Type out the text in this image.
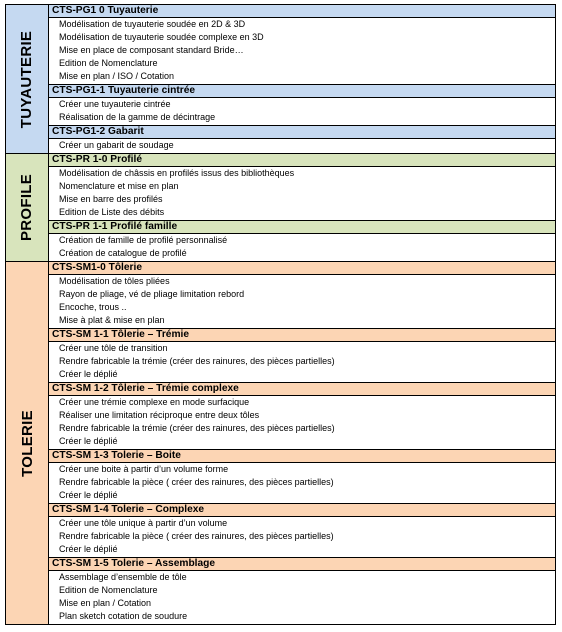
TUYAUTERIE
CTS-PG1 0 Tuyauterie
Modélisation de tuyauterie soudée en 2D & 3D
Modélisation de tuyauterie soudée complexe en 3D
Mise en place de composant standard Bride…
Edition de Nomenclature
Mise en plan / ISO / Cotation
CTS-PG1-1 Tuyauterie cintrée
Créer une tuyauterie cintrée
Réalisation de la gamme de décintrage
CTS-PG1-2 Gabarit
Créer un gabarit de soudage
PROFILE
CTS-PR 1-0 Profilé
Modélisation de châssis en profilés issus des bibliothèques
Nomenclature et mise en plan
Mise en barre des profilés
Edition de Liste des débits
CTS-PR 1-1 Profilé famille
Création de famille de profilé personnalisé
Création de catalogue de profilé
TOLERIE
CTS-SM1-0 Tôlerie
Modélisation de tôles pliées
Rayon de pliage, vé de pliage limitation rebord
Encoche, trous ..
Mise à plat & mise en plan
CTS-SM 1-1 Tôlerie – Trémie
Créer une tôle de transition
Rendre fabricable la trémie (créer des rainures, des pièces partielles)
Créer le déplié
CTS-SM 1-2 Tôlerie – Trémie complexe
Créer une trémie complexe en mode surfacique
Réaliser une limitation réciproque entre deux tôles
Rendre fabricable la trémie (créer des rainures, des pièces partielles)
Créer le déplié
CTS-SM 1-3 Tolerie – Boite
Créer une boite à partir d’un volume forme
Rendre fabricable la pièce ( créer des rainures, des pièces partielles)
Créer le déplié
CTS-SM 1-4 Tolerie – Complexe
Créer une tôle unique à partir d’un volume
Rendre fabricable la pièce ( créer des rainures, des pièces partielles)
Créer le déplié
CTS-SM 1-5 Tolerie – Assemblage
Assemblage d’ensemble de tôle
Edition de Nomenclature
Mise en plan / Cotation
Plan sketch cotation de soudure
